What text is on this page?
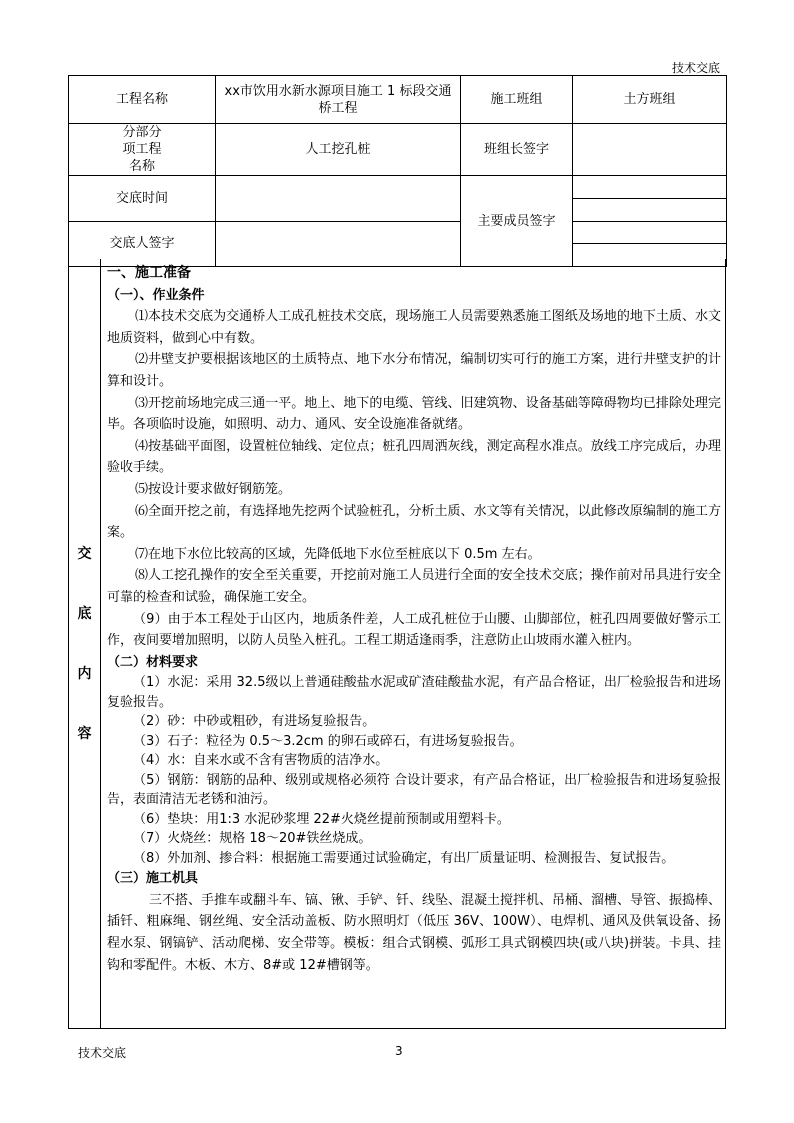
技术交底
工程名称	xx市饮用水新水源项目施工 1 标段交通桥工程	施工班组	土方班组
分部分项工程名称	人工挖孔桩	班组长签字	
交底时间		主要成员签字	

交底人签字			
交
底
内
容

一、施工准备

（一）、作业条件

⑴本技术交底为交通桥人工成孔桩技术交底，现场施工人员需要熟悉施工图纸及场地的地下土质、水文地质资料，做到心中有数。

⑵井壁支护要根据该地区的土质特点、地下水分布情况，编制切实可行的施工方案，进行井壁支护的计算和设计。

⑶开挖前场地完成三通一平。地上、地下的电缆、管线、旧建筑物、设备基础等障碍物均已排除处理完毕。各项临时设施，如照明、动力、通风、安全设施准备就绪。

⑷按基础平面图，设置桩位轴线、定位点；桩孔四周洒灰线，测定高程水准点。放线工序完成后，办理验收手续。

⑸按设计要求做好钢筋笼。

⑹全面开挖之前，有选择地先挖两个试验桩孔，分析土质、水文等有关情况，以此修改原编制的施工方案。

⑺在地下水位比较高的区域，先降低地下水位至桩底以下 0.5m 左右。

⑻人工挖孔操作的安全至关重要，开挖前对施工人员进行全面的安全技术交底；操作前对吊具进行安全可靠的检查和试验，确保施工安全。

（9）由于本工程处于山区内，地质条件差，人工成孔桩位于山腰、山脚部位，桩孔四周要做好警示工作，夜间要增加照明，以防人员坠入桩孔。工程工期适逢雨季，注意防止山坡雨水灌入桩内。

（二）材料要求

（1）水泥：采用 32.5级以上普通硅酸盐水泥或矿渣硅酸盐水泥，有产品合格证，出厂检验报告和进场复验报告。

（2）砂：中砂或粗砂，有进场复验报告。

（3）石子：粒径为 0.5～3.2cm 的卵石或碎石，有进场复验报告。

（4）水：自来水或不含有害物质的洁净水。

（5）钢筋：钢筋的品种、级别或规格必须符 合设计要求，有产品合格证，出厂检验报告和进场复验报告，表面清洁无老锈和油污。

（6）垫块：用1:3 水泥砂浆埋 22#火烧丝提前预制或用塑料卡。

（7）火烧丝：规格 18～20#铁丝烧成。

（8）外加剂、掺合料：根据施工需要通过试验确定，有出厂质量证明、检测报告、复试报告。

（三）施工机具

三不搭、手推车或翻斗车、镐、锹、手铲、钎、线坠、混凝土搅拌机、吊桶、溜槽、导管、振捣棒、插钎、粗麻绳、钢丝绳、安全活动盖板、防水照明灯（低压 36V、100W）、电焊机、通风及供氧设备、扬程水泵、钢镐铲、活动爬梯、安全带等。模板：组合式钢模、弧形工具式钢模四块(或八块)拼装。卡具、挂钩和零配件。木板、木方、8#或 12#槽钢等。

技术交底	3
